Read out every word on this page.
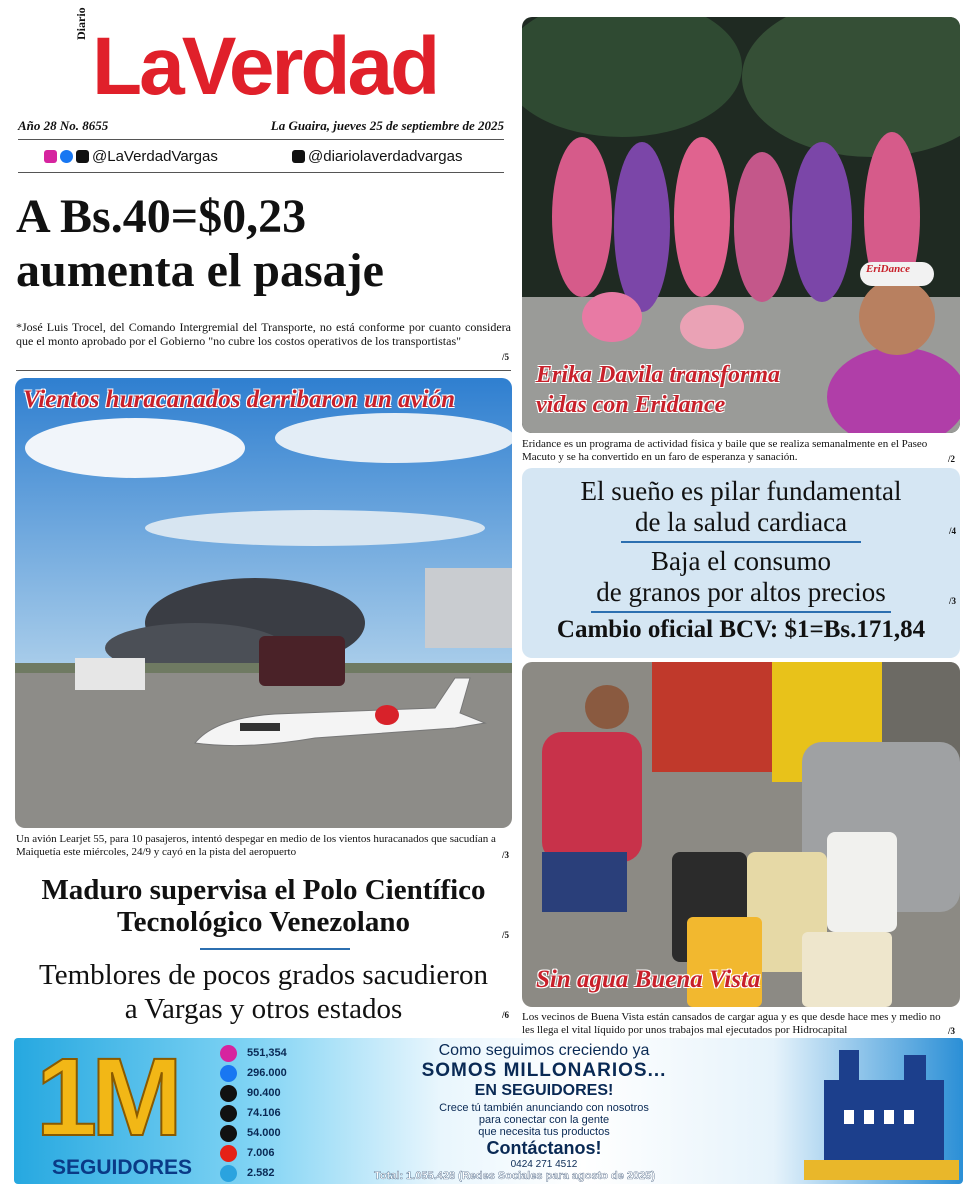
Diario LaVerdad
Año 28 No. 8655	La Guaira, jueves 25 de septiembre de 2025
@LaVerdadVargas	@diariolaverdadvargas
A Bs.40=$0,23
aumenta el pasaje
*José Luis Trocel, del Comando Intergremial del Transporte, no está conforme por cuanto considera que el monto aprobado por el Gobierno "no cubre los costos operativos de los transportistas"
/5
Vientos huracanados derribaron un avión
Un avión Learjet 55, para 10 pasajeros, intentó despegar en medio de los vientos huracanados que sacudían a Maiquetía este miércoles, 24/9 y cayó en la pista del aeropuerto	/3
EriDance
Erika Davila transforma
vidas con Eridance
Eridance es un programa de actividad física y baile que se realiza semanalmente en el Paseo Macuto y se ha convertido en un faro de esperanza y sanación.	/2
El sueño es pilar fundamental
de la salud cardiaca	/4
Baja el consumo
de granos por altos precios	/3
Cambio oficial BCV: $1=Bs.171,84
Sin agua Buena Vista
Los vecinos de Buena Vista están cansados de cargar agua y es que desde hace mes y medio no les llega el vital líquido por unos trabajos mal ejecutados por Hidrocapital	/3
Maduro supervisa el Polo Científico
Tecnológico Venezolano	/5
Temblores de pocos grados sacudieron
a Vargas y otros estados	/6
1M
SEGUIDORES
551,354
296.000
90.400
74.106
54.000
7.006
2.582
Como seguimos creciendo ya
SOMOS MILLONARIOS...
EN SEGUIDORES!
Crece tú también anunciando con nosotros
para conectar con la gente
que necesita tus productos
Contáctanos!
0424 271 4512
Total: 1.055.428 (Redes Sociales para agosto de 2025)
